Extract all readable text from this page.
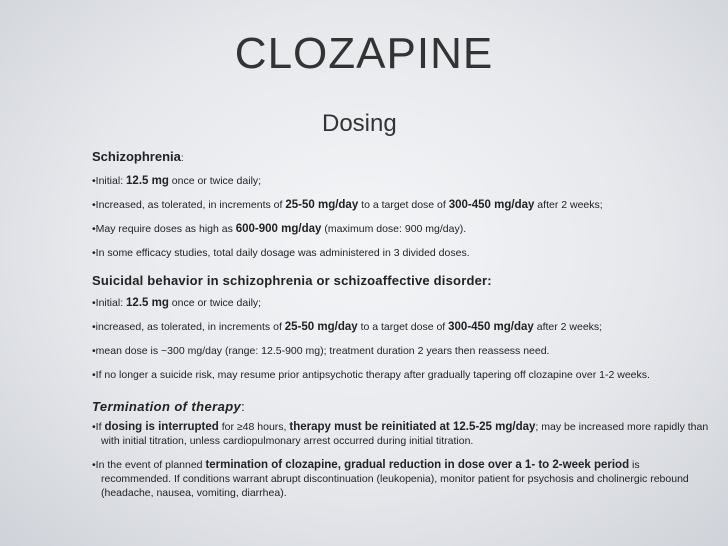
CLOZAPINE
Dosing

Schizophrenia:

•Initial: 12.5 mg once or twice daily;

•Increased, as tolerated, in increments of 25-50 mg/day to a target dose of 300-450 mg/day after 2 weeks;

•May require doses as high as 600-900 mg/day (maximum dose: 900 mg/day).

•In some efficacy studies, total daily dosage was administered in 3 divided doses.

Suicidal behavior in schizophrenia or schizoaffective disorder:

•Initial: 12.5 mg once or twice daily;

•increased, as tolerated, in increments of 25-50 mg/day to a target dose of 300-450 mg/day after 2 weeks;

•mean dose is ~300 mg/day (range: 12.5-900 mg); treatment duration 2 years then reassess need.

•If no longer a suicide risk, may resume prior antipsychotic therapy after gradually tapering off clozapine over 1-2 weeks.

Termination of therapy:

•If dosing is interrupted for ≥48 hours, therapy must be reinitiated at 12.5-25 mg/day; may be increased more rapidly than with initial titration, unless cardiopulmonary arrest occurred during initial titration.

•In the event of planned termination of clozapine, gradual reduction in dose over a 1- to 2-week period is recommended. If conditions warrant abrupt discontinuation (leukopenia), monitor patient for psychosis and cholinergic rebound (headache, nausea, vomiting, diarrhea).
